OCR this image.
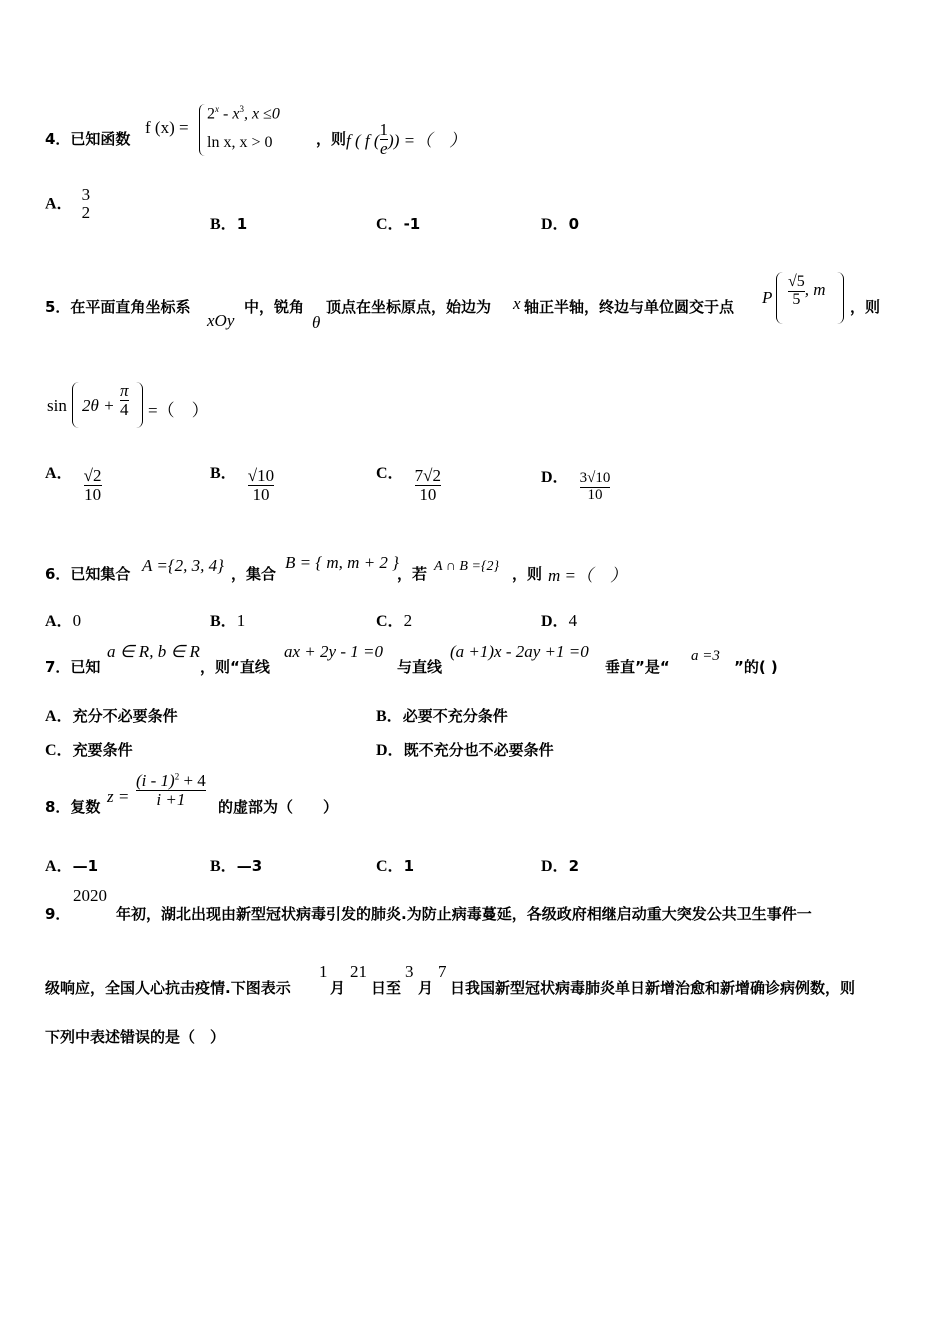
4．已知函数
f (x) =
$2^x - x^3$, x ≤0
ln x, x > 0	，则 f ( f ( $\frac{1}{e}$ )) =（　）
A． 3
2
B．1	C．-1	D．0
5．在平面直角坐标系
xOy
中，锐角
θ
顶点在坐标原点，始边为 x 轴正半轴，终边与单位圆交于点 P $\frac{√5}{5}$ , m
，则
$\sin 2\theta + \frac{\pi}{4}$ =（　）
A． $\frac{√2}{10}$	B． $\frac{√10}{10}$	C． $\frac{7√2}{10}$	D． $\frac{3√10}{10}$
6．已知集合 A ={2, 3, 4} ，集合
B = { m, m + 2 }
，若 A ∩ B ={2} ，则 m =（　）
A．0	B．1	C．2	D．4
7．已知
a ∈ R, b ∈ R
，则“直线
ax + 2y - 1 =0
与直线
(a +1)x - 2ay +1 =0
垂直”是“
a =3
”的( )
A．充分不必要条件	B．必要不充分条件
C．充要条件	D．既不充分也不必要条件
8．复数
$z = \frac{(i - 1)^2 + 4}{i +1}$ 的虚部为（　　）
A．—1	B．—3	C．1	D．2
9．
2020
年初，湖北出现由新型冠状病毒引发的肺炎.为防止病毒蔓延，各级政府相继启动重大突发公共卫生事件一
级响应，全国人心抗击疫情.下图表示
1
月
21
日至
3
月
7
日我国新型冠状病毒肺炎单日新增治愈和新增确诊病例数，则
下列中表述错误的是（　）
